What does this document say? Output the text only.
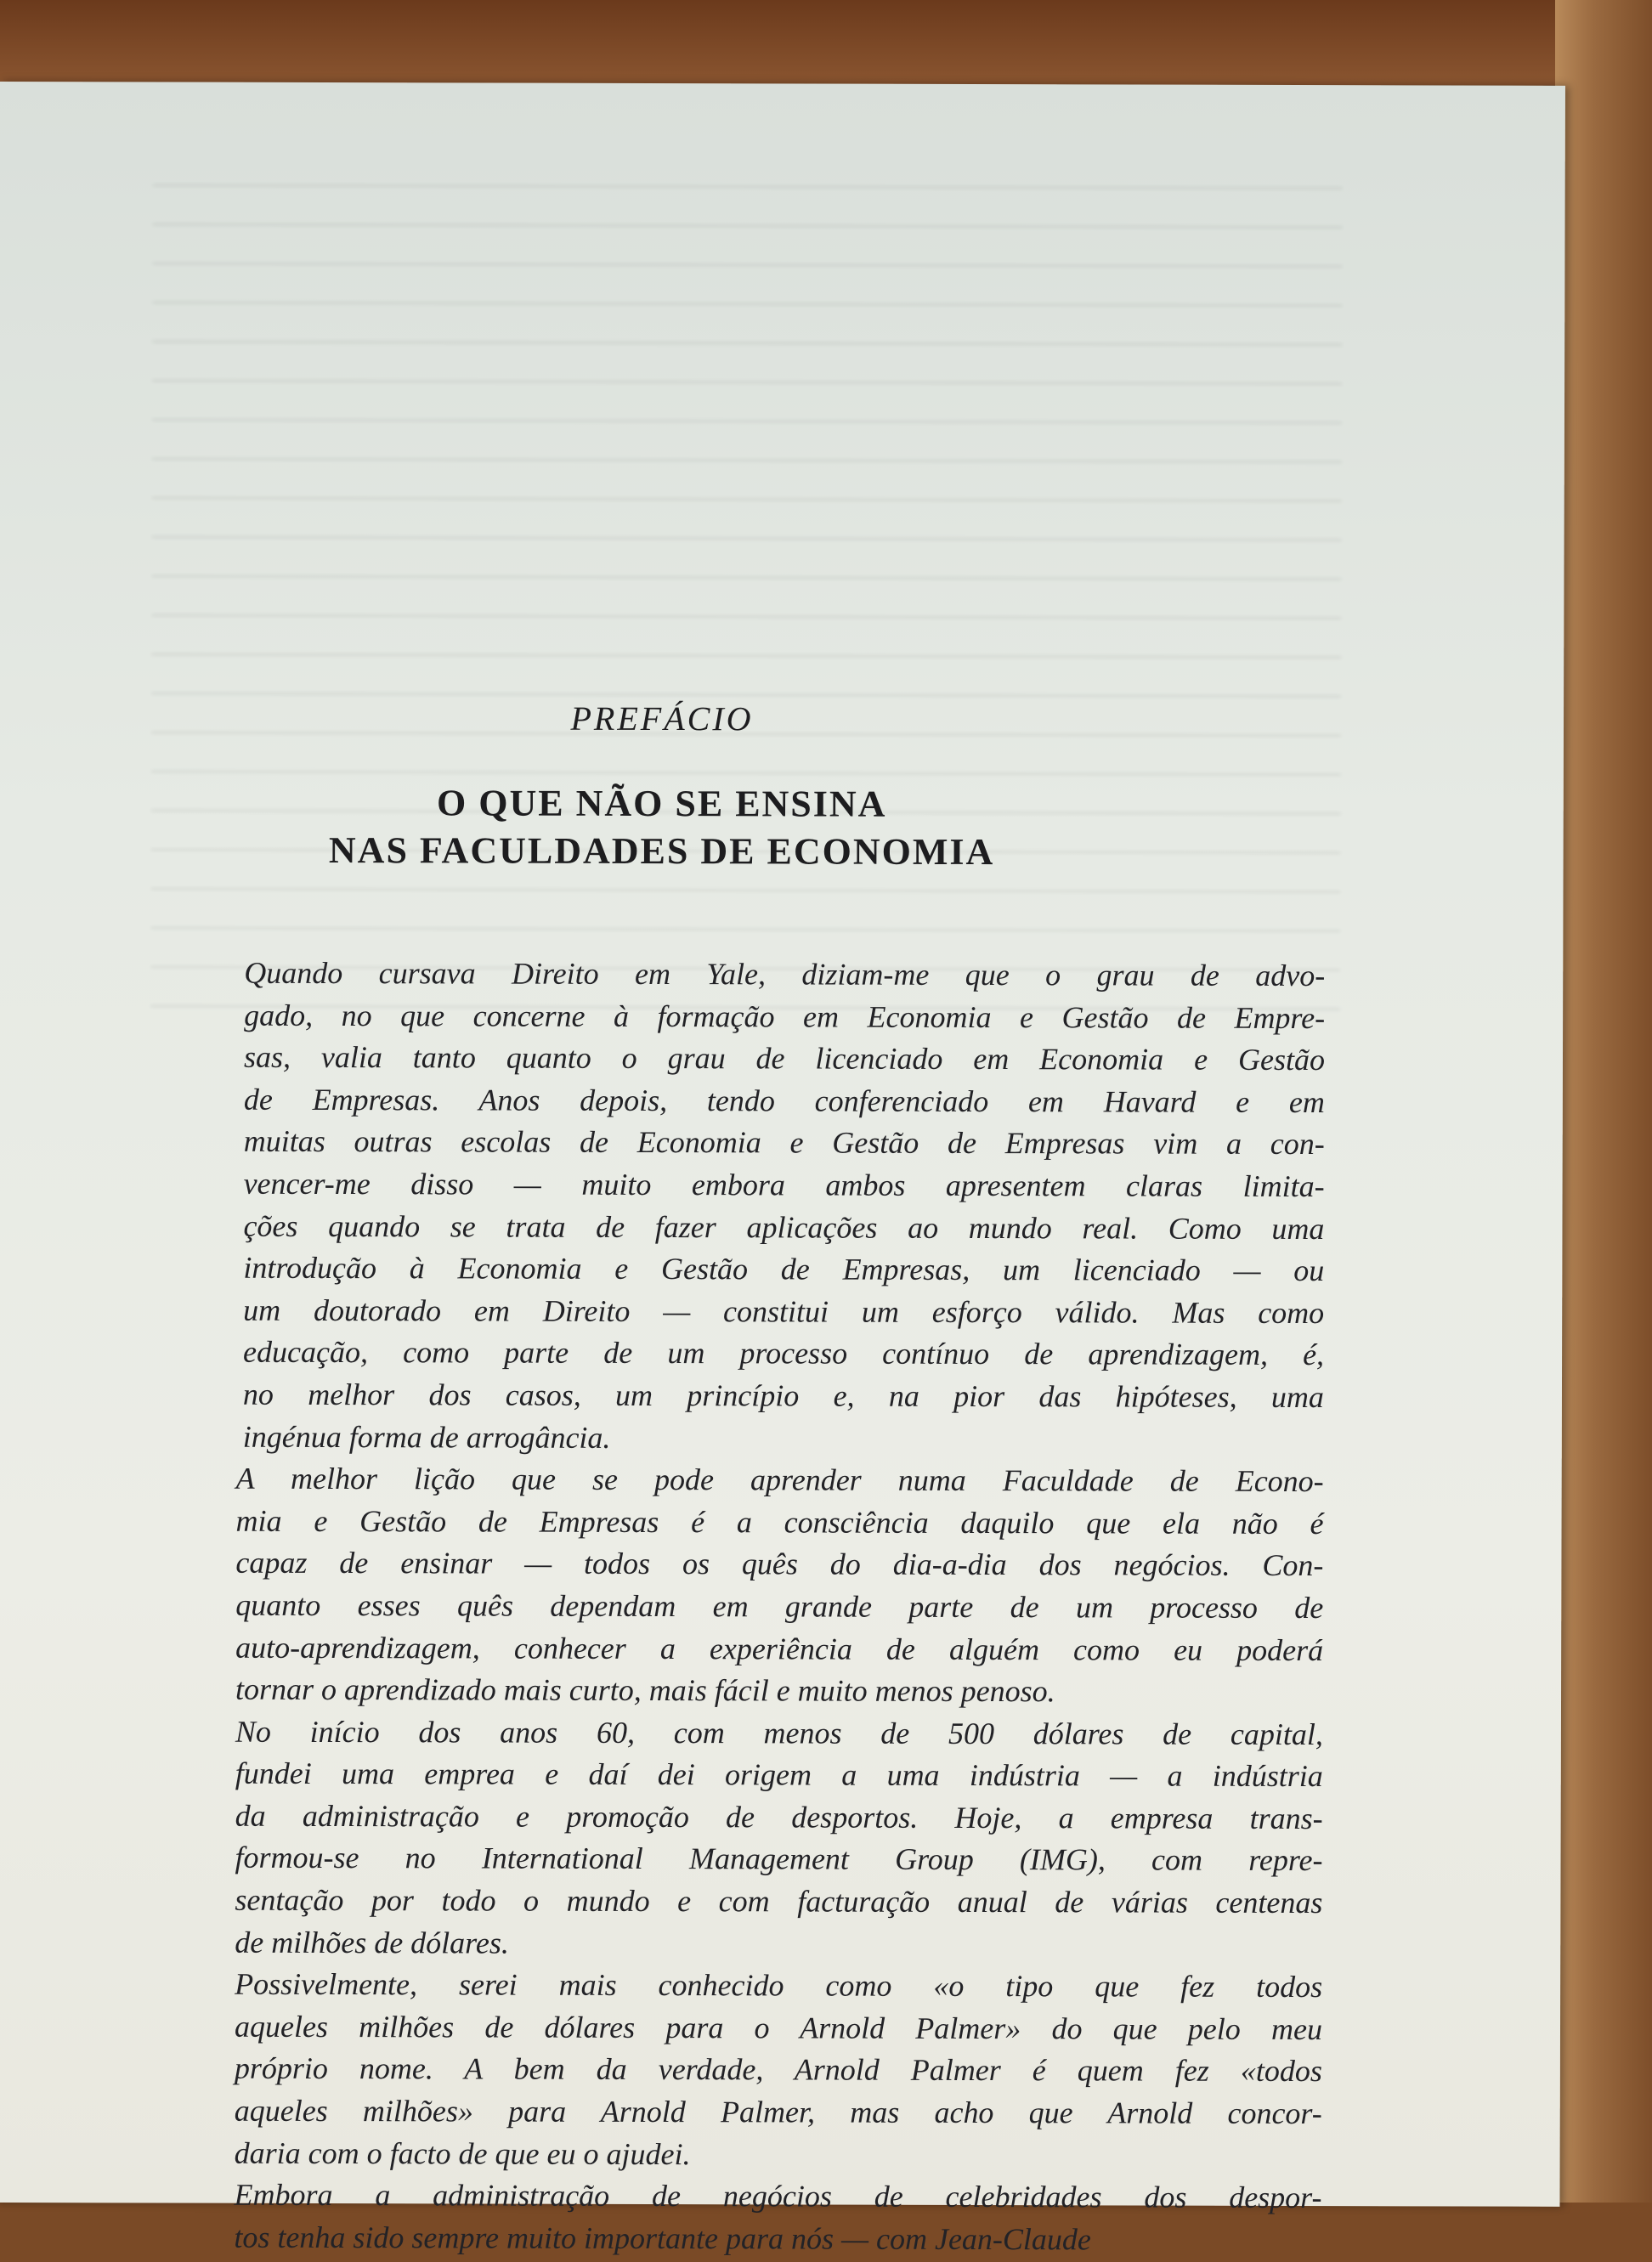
PREFÁCIO

O QUE NÃO SE ENSINA

NAS FACULDADES DE ECONOMIA

Quando cursava Direito em Yale, diziam-me que o grau de advo-
gado, no que concerne à formação em Economia e Gestão de Empre-
sas, valia tanto quanto o grau de licenciado em Economia e Gestão
de Empresas. Anos depois, tendo conferenciado em Havard e em
muitas outras escolas de Economia e Gestão de Empresas vim a con-
vencer-me disso — muito embora ambos apresentem claras limita-
ções quando se trata de fazer aplicações ao mundo real. Como uma
introdução à Economia e Gestão de Empresas, um licenciado — ou
um doutorado em Direito — constitui um esforço válido. Mas como
educação, como parte de um processo contínuo de aprendizagem, é,
no melhor dos casos, um princípio e, na pior das hipóteses, uma
ingénua forma de arrogância.
A melhor lição que se pode aprender numa Faculdade de Econo-
mia e Gestão de Empresas é a consciência daquilo que ela não é
capaz de ensinar — todos os quês do dia-a-dia dos negócios. Con-
quanto esses quês dependam em grande parte de um processo de
auto-aprendizagem, conhecer a experiência de alguém como eu poderá
tornar o aprendizado mais curto, mais fácil e muito menos penoso.
No início dos anos 60, com menos de 500 dólares de capital,
fundei uma emprea e daí dei origem a uma indústria — a indústria
da administração e promoção de desportos. Hoje, a empresa trans-
formou-se no International Management Group (IMG), com repre-
sentação por todo o mundo e com facturação anual de várias centenas
de milhões de dólares.
Possivelmente, serei mais conhecido como «o tipo que fez todos
aqueles milhões de dólares para o Arnold Palmer» do que pelo meu
próprio nome. A bem da verdade, Arnold Palmer é quem fez «todos
aqueles milhões» para Arnold Palmer, mas acho que Arnold concor-
daria com o facto de que eu o ajudei.
Embora a administração de negócios de celebridades dos despor-
tos tenha sido sempre muito importante para nós — com Jean-Claude
